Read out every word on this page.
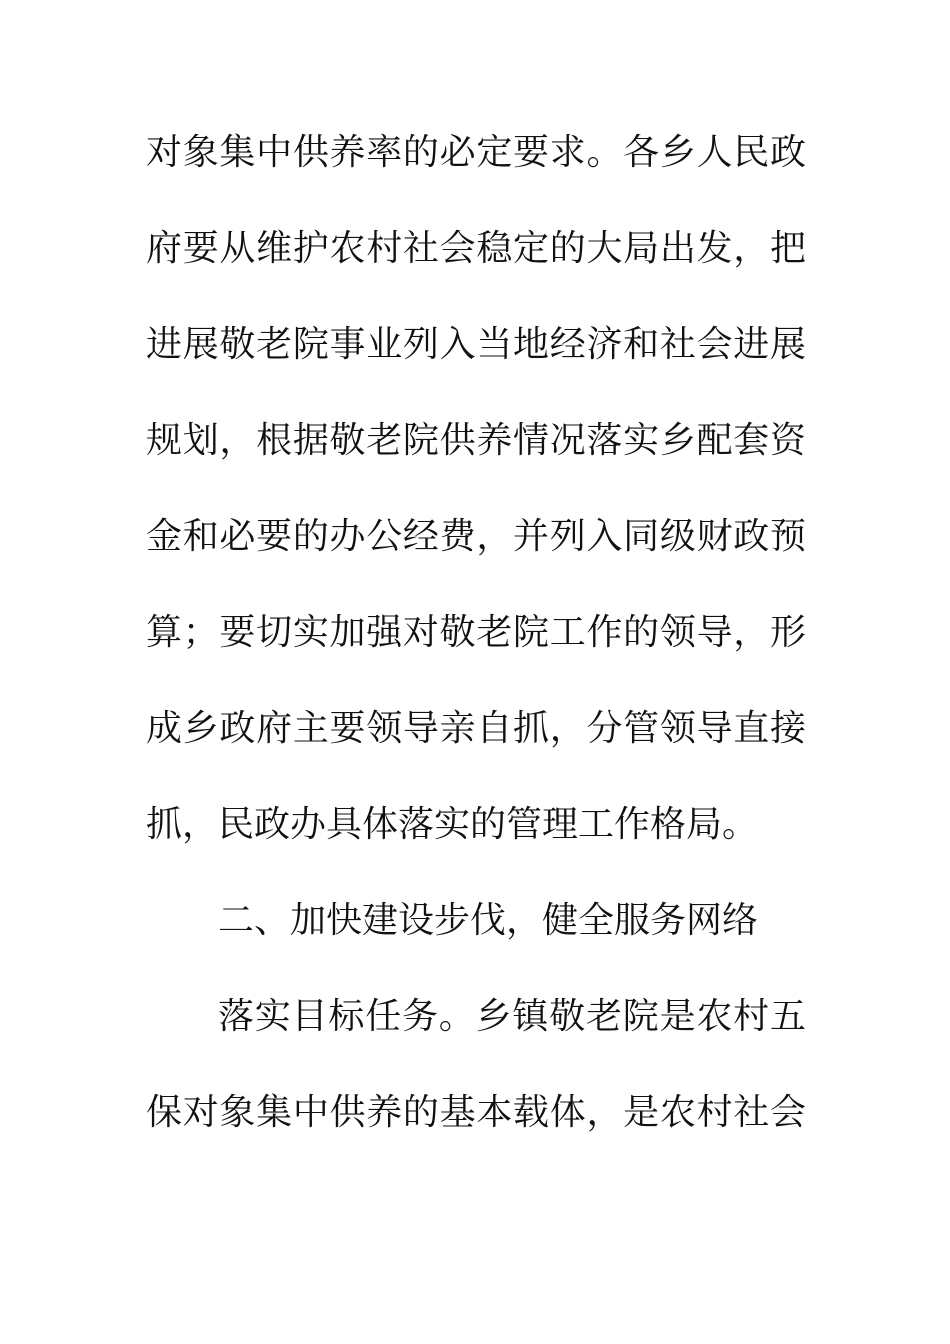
对象集中供养率的必定要求。各乡人民政
府要从维护农村社会稳定的大局出发，把
进展敬老院事业列入当地经济和社会进展
规划，根据敬老院供养情况落实乡配套资
金和必要的办公经费，并列入同级财政预
算；要切实加强对敬老院工作的领导，形
成乡政府主要领导亲自抓，分管领导直接
抓，民政办具体落实的管理工作格局。
二、加快建设步伐，健全服务网络
落实目标任务。乡镇敬老院是农村五
保对象集中供养的基本载体，是农村社会
